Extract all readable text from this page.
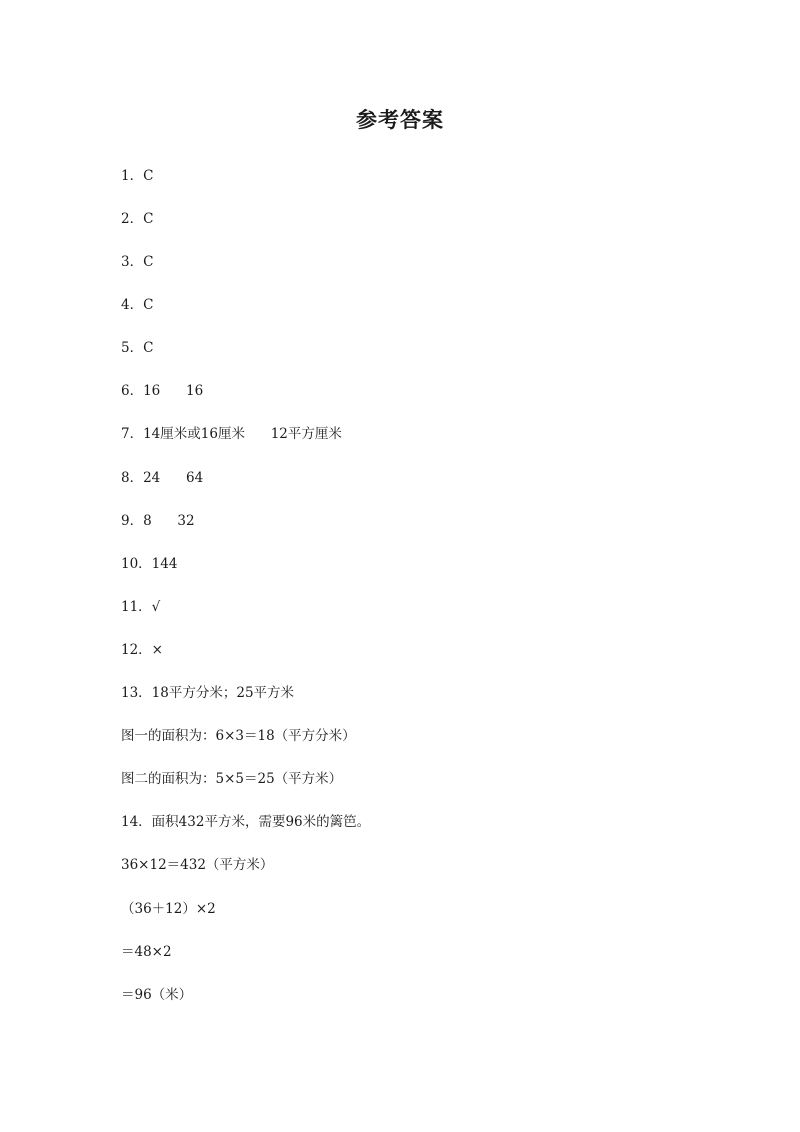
参考答案
1．C
2．C
3．C
4．C
5．C
6．16      16
7．14厘米或16厘米      12平方厘米
8．24      64
9．8      32
10．144
11．√
12．×
13．18平方分米；25平方米
图一的面积为：6×3＝18（平方分米）
图二的面积为：5×5＝25（平方米）
14．面积432平方米，需要96米的篱笆。
36×12＝432（平方米）
（36＋12）×2
＝48×2
＝96（米）
